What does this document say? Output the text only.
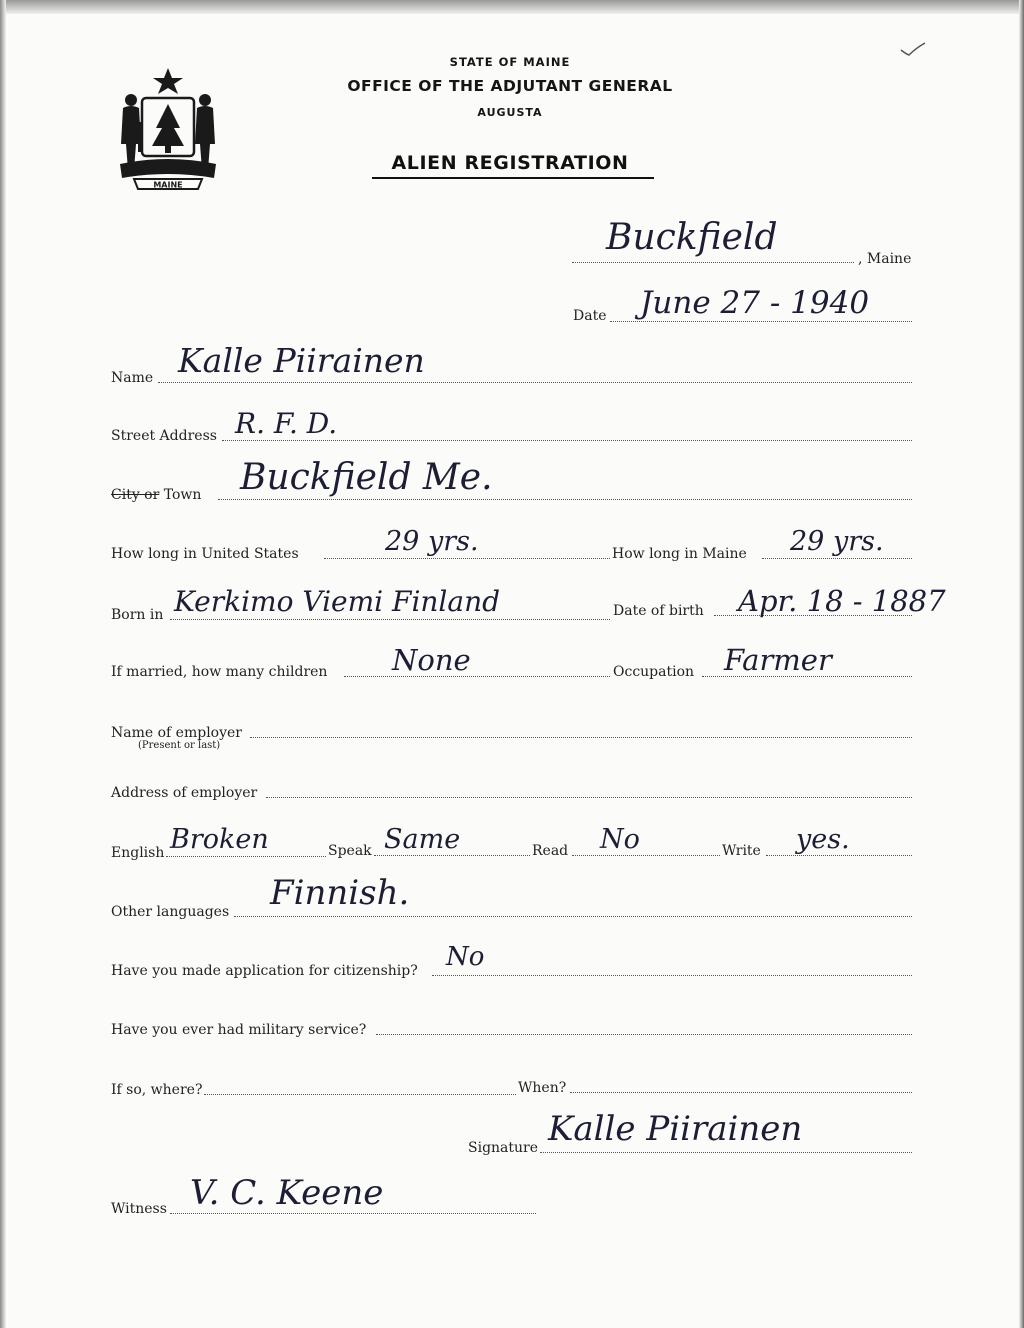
MAINE
STATE OF MAINE
OFFICE OF THE ADJUTANT GENERAL
AUGUSTA
ALIEN REGISTRATION
Buckfield
, Maine
Date June 27 - 1940
Name Kalle Piirainen
Street Address R. F. D.
City or Town Buckfield Me.
How long in United States	29 yrs.	How long in Maine 29 yrs.
Born in Kerkimo Viemi Finland	Date of birth Apr. 18 - 1887
If married, how many children None	Occupation Farmer
Name of employer
(Present or last)
Address of employer
English Broken	Speak Same	Read No	Write yes.
Other languages Finnish.
Have you made application for citizenship? No
Have you ever had military service?
If so, where?	When?
Signature Kalle Piirainen
Witness V. C. Keene
